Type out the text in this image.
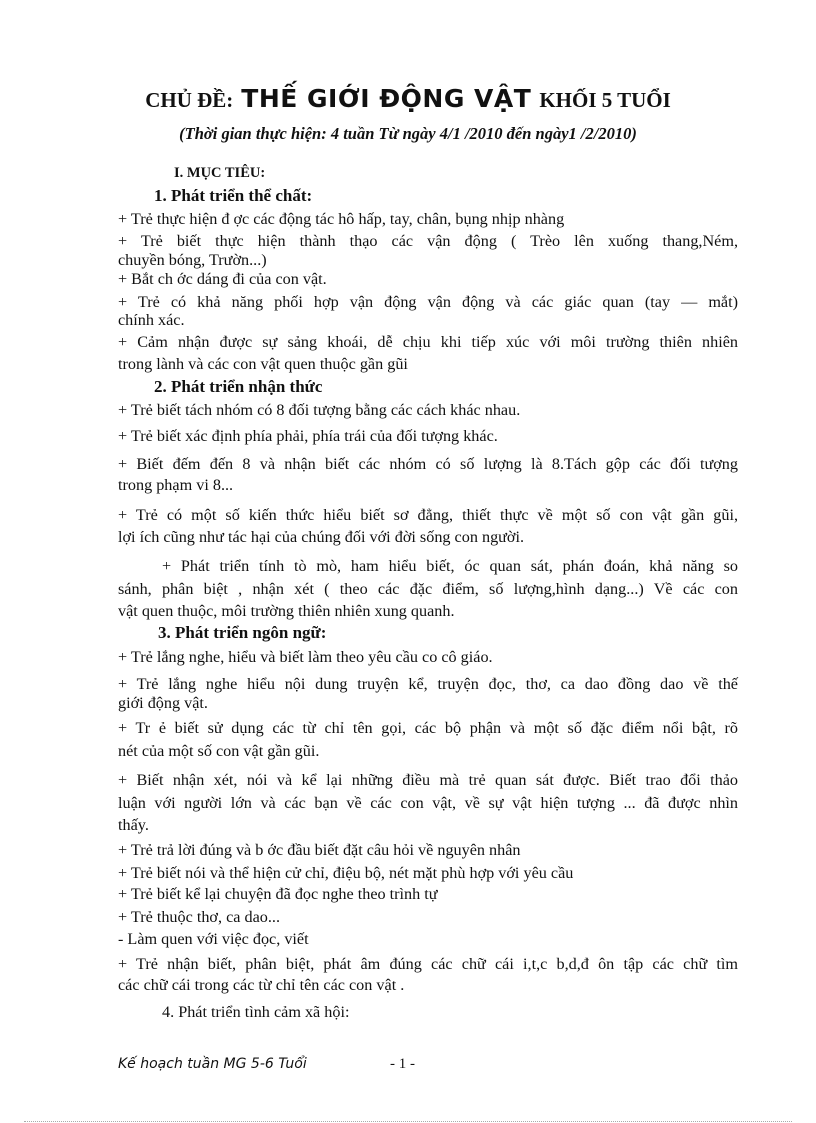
CHỦ ĐỀ: THẾ GIỚI ĐỘNG VẬT KHỐI 5 TUỔI
(Thời gian thực hiện: 4 tuần Từ ngày 4/1 /2010 đến ngày1 /2/2010)
I. MỤC TIÊU:
1. Phát triển thể chất:
+ Trẻ thực hiện đ ợc các động tác hô hấp, tay, chân, bụng nhịp nhàng
+ Trẻ biết thực hiện thành thạo các vận động ( Trèo lên xuống thang,Ném,
chuyền bóng, Trườn...)
+ Bắt ch ớc dáng đi của con vật.
+ Trẻ có khả năng phối hợp vận động vận động và các giác quan (tay — mắt)
chính xác.
+ Cảm nhận được sự sảng khoái, dễ chịu khi tiếp xúc với môi trường thiên nhiên
trong lành và các con vật quen thuộc gần gũi
2. Phát triển nhận thức
+ Trẻ biết tách nhóm có 8 đối tượng bằng các cách khác nhau.
+ Trẻ biết xác định phía phải, phía trái của đối tượng khác.
+ Biết đếm đến 8 và nhận biết các nhóm có số lượng là 8.Tách gộp các đối tượng
trong phạm vi 8...
+ Trẻ có một số kiến thức hiểu biết sơ đẳng, thiết thực về một số con vật gần gũi,
lợi ích cũng như tác hại của chúng đối với đời sống con người.
+ Phát triển tính tò mò, ham hiểu biết, óc quan sát, phán đoán, khả năng so
sánh, phân biệt , nhận xét ( theo các đặc điểm, số lượng,hình dạng...) Về các con
vật quen thuộc, môi trường thiên nhiên xung quanh.
3. Phát triển ngôn ngữ:
+ Trẻ lắng nghe, hiểu và biết làm theo yêu cầu co cô giáo.
+ Trẻ lắng nghe hiểu nội dung truyện kể, truyện đọc, thơ, ca dao đồng dao về thế
giới động vật.
+ Tr ẻ biết sử dụng các từ chỉ tên gọi, các bộ phận và một số đặc điểm nổi bật, rõ
nét của một số con vật gần gũi.
+ Biết nhận xét, nói và kể lại những điều mà trẻ quan sát được. Biết trao đổi thảo
luận với người lớn và các bạn về các con vật, về sự vật hiện tượng ... đã được nhìn
thấy.
+ Trẻ trả lời đúng và b ớc đầu biết đặt câu hỏi về nguyên nhân
+ Trẻ biết nói và thể hiện cử chỉ, điệu bộ, nét mặt phù hợp với yêu cầu
+ Trẻ biết kể lại chuyện đã đọc nghe theo trình tự
+ Trẻ thuộc thơ, ca dao...
- Làm quen với việc đọc, viết
+ Trẻ nhận biết, phân biệt, phát âm đúng các chữ cái i,t,c b,d,đ ôn tập các chữ tìm
các chữ cái trong các từ chỉ tên các con vật .
4. Phát triển tình cảm xã hội:
Kế hoạch tuần MG 5-6 Tuổi	- 1 -
